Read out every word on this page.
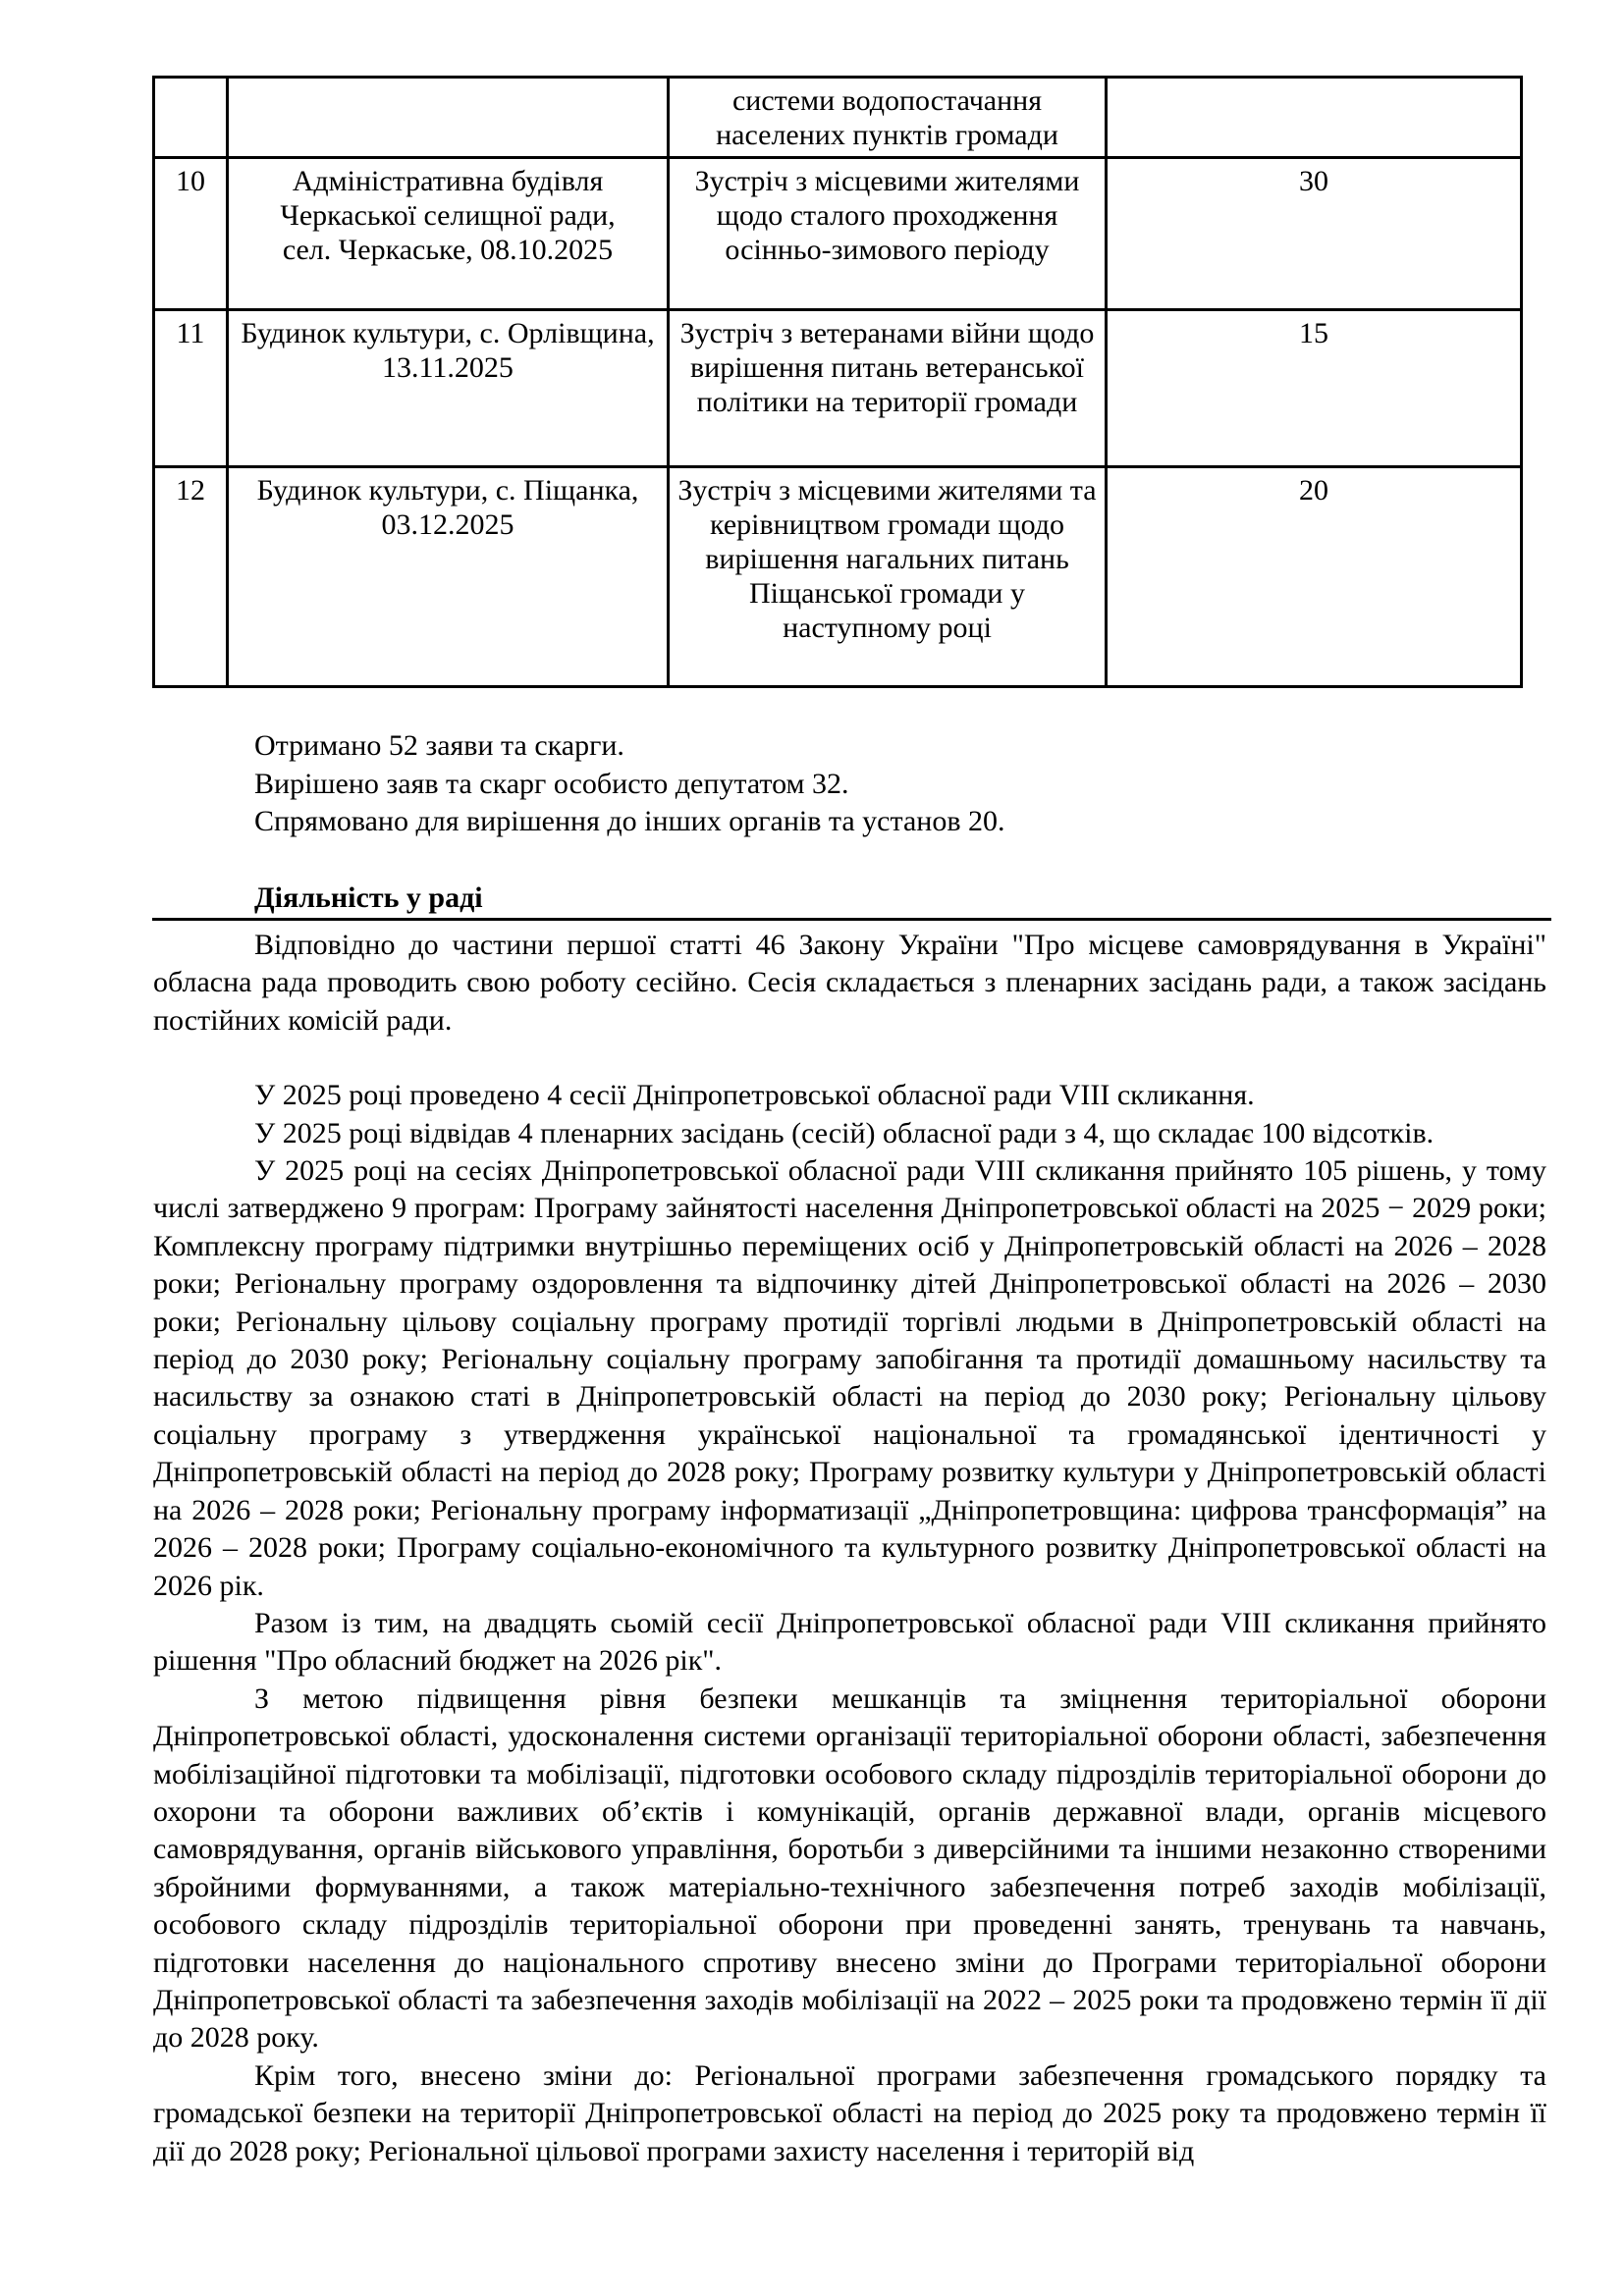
		системи водопостачання населених пунктів громади	
10	Адміністративна будівля Черкаської селищної ради, сел. Черкаське, 08.10.2025	Зустріч з місцевими жителями щодо сталого проходження осінньо-зимового періоду	30
11	Будинок культури, с. Орлівщина, 13.11.2025	Зустріч з ветеранами війни щодо вирішення питань ветеранської політики на території громади	15
12	Будинок культури, с. Піщанка, 03.12.2025	Зустріч з місцевими жителями та керівництвом громади щодо вирішення нагальних питань Піщанської громади у наступному році	20
Отримано 52 заяви та скарги.
Вирішено заяв та скарг особисто депутатом 32.
Спрямовано для вирішення до інших органів та установ 20.
Діяльність у раді

Відповідно до частини першої статті 46 Закону України "Про місцеве самоврядування в Україні" обласна рада проводить свою роботу сесійно. Сесія складається з пленарних засідань ради, а також засідань постійних комісій ради.

У 2025 році проведено 4 сесії Дніпропетровської обласної ради VIII скликання.

У 2025 році відвідав 4 пленарних засідань (сесій) обласної ради з 4, що складає 100 відсотків.

У 2025 році на сесіях Дніпропетровської обласної ради VIII скликання прийнято 105 рішень, у тому числі затверджено 9 програм: Програму зайнятості населення Дніпропетровської області на 2025 − 2029 роки; Комплексну програму підтримки внутрішньо переміщених осіб у Дніпропетровській області на 2026 – 2028 роки; Регіональну програму оздоровлення та відпочинку дітей Дніпропетровської області на 2026 – 2030 роки; Регіональну цільову соціальну програму протидії торгівлі людьми в Дніпропетровській області на період до 2030 року; Регіональну соціальну програму запобігання та протидії домашньому насильству та насильству за ознакою статі в Дніпропетровській області на період до 2030 року; Регіональну цільову соціальну програму з утвердження української національної та громадянської ідентичності у Дніпропетровській області на період до 2028 року; Програму розвитку культури у Дніпропетровській області на 2026 – 2028 роки; Регіональну програму інформатизації „Дніпропетровщина: цифрова трансформація” на 2026 – 2028 роки; Програму соціально-економічного та культурного розвитку Дніпропетровської області на 2026 рік.

Разом із тим, на двадцять сьомій сесії Дніпропетровської обласної ради VIII скликання прийнято рішення "Про обласний бюджет на 2026 рік".

З метою підвищення рівня безпеки мешканців та зміцнення територіальної оборони Дніпропетровської області, удосконалення системи організації територіальної оборони області, забезпечення мобілізаційної підготовки та мобілізації, підготовки особового складу підрозділів територіальної оборони до охорони та оборони важливих об’єктів і комунікацій, органів державної влади, органів місцевого самоврядування, органів військового управління, боротьби з диверсійними та іншими незаконно створеними збройними формуваннями, а також матеріально-технічного забезпечення потреб заходів мобілізації, особового складу підрозділів територіальної оборони при проведенні занять, тренувань та навчань, підготовки населення до національного спротиву внесено зміни до Програми територіальної оборони Дніпропетровської області та забезпечення заходів мобілізації на 2022 – 2025 роки та продовжено термін її дії до 2028 року.

Крім того, внесено зміни до: Регіональної програми забезпечення громадського порядку та громадської безпеки на території Дніпропетровської області на період до 2025 року та продовжено термін її дії до 2028 року; Регіональної цільової програми захисту населення і територій від
